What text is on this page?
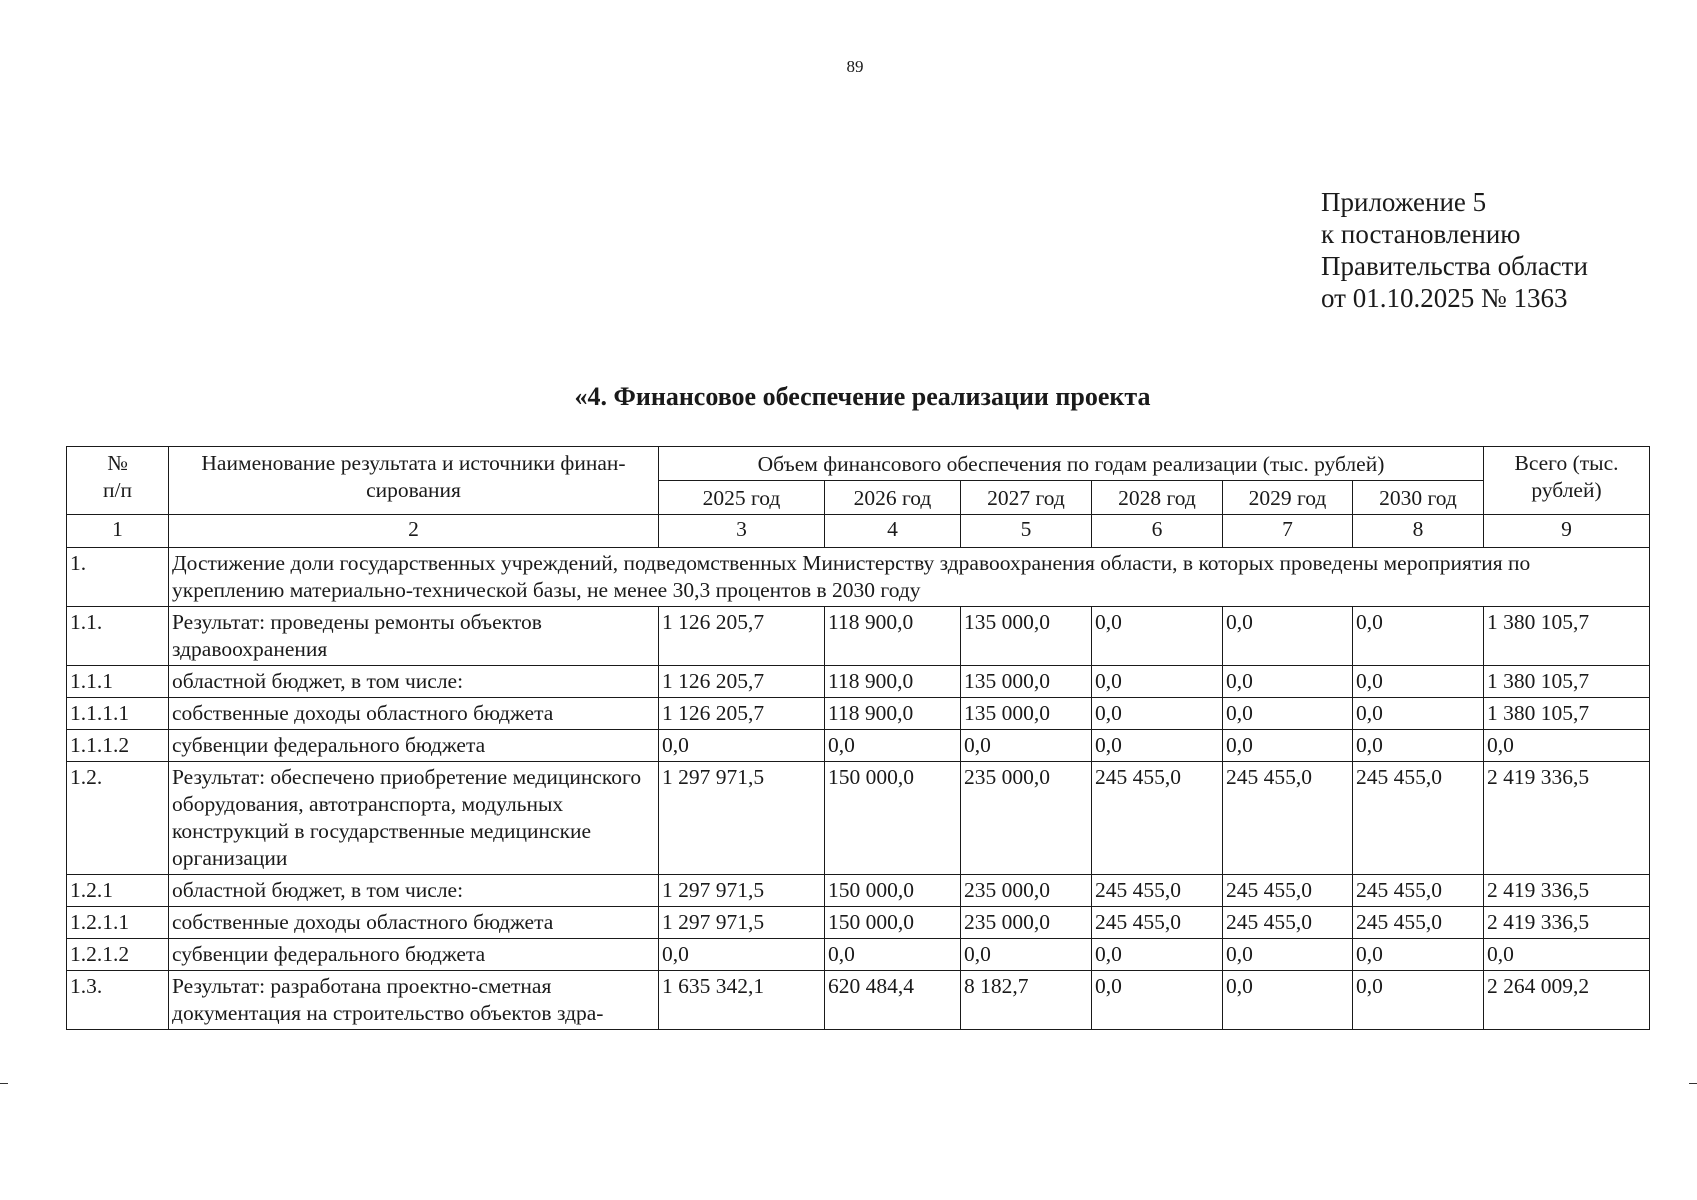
89
Приложение 5
к постановлению
Правительства области
от 01.10.2025 № 1363
«4. Финансовое обеспечение реализации проекта
№
п/п	Наименование результата и источники финан- сирования	Объем финансового обеспечения по годам реализации (тыс. рублей)						Всего (тыс. рублей)
		2025 год	2026 год	2027 год	2028 год	2029 год	2030 год	
1	2	3	4	5	6	7	8	9
1.	Достижение доли государственных учреждений, подведомственных Министерству здравоохранения области, в которых проведены мероприятия по укреплению материально-технической базы, не менее 30,3 процентов в 2030 году							
1.1.	Результат: проведены ремонты объектов здравоохранения	1 126 205,7	118 900,0	135 000,0	0,0	0,0	0,0	1 380 105,7
1.1.1	областной бюджет, в том числе:	1 126 205,7	118 900,0	135 000,0	0,0	0,0	0,0	1 380 105,7
1.1.1.1	собственные доходы областного бюджета	1 126 205,7	118 900,0	135 000,0	0,0	0,0	0,0	1 380 105,7
1.1.1.2	субвенции федерального бюджета	0,0	0,0	0,0	0,0	0,0	0,0	0,0
1.2.	Результат: обеспечено приобретение медицинского оборудования, автотранспорта, модульных конструкций в государственные медицинские организации	1 297 971,5	150 000,0	235 000,0	245 455,0	245 455,0	245 455,0	2 419 336,5
1.2.1	областной бюджет, в том числе:	1 297 971,5	150 000,0	235 000,0	245 455,0	245 455,0	245 455,0	2 419 336,5
1.2.1.1	собственные доходы областного бюджета	1 297 971,5	150 000,0	235 000,0	245 455,0	245 455,0	245 455,0	2 419 336,5
1.2.1.2	субвенции федерального бюджета	0,0	0,0	0,0	0,0	0,0	0,0	0,0
1.3.	Результат: разработана проектно-сметная документация на строительство объектов здра-	1 635 342,1	620 484,4	8 182,7	0,0	0,0	0,0	2 264 009,2
